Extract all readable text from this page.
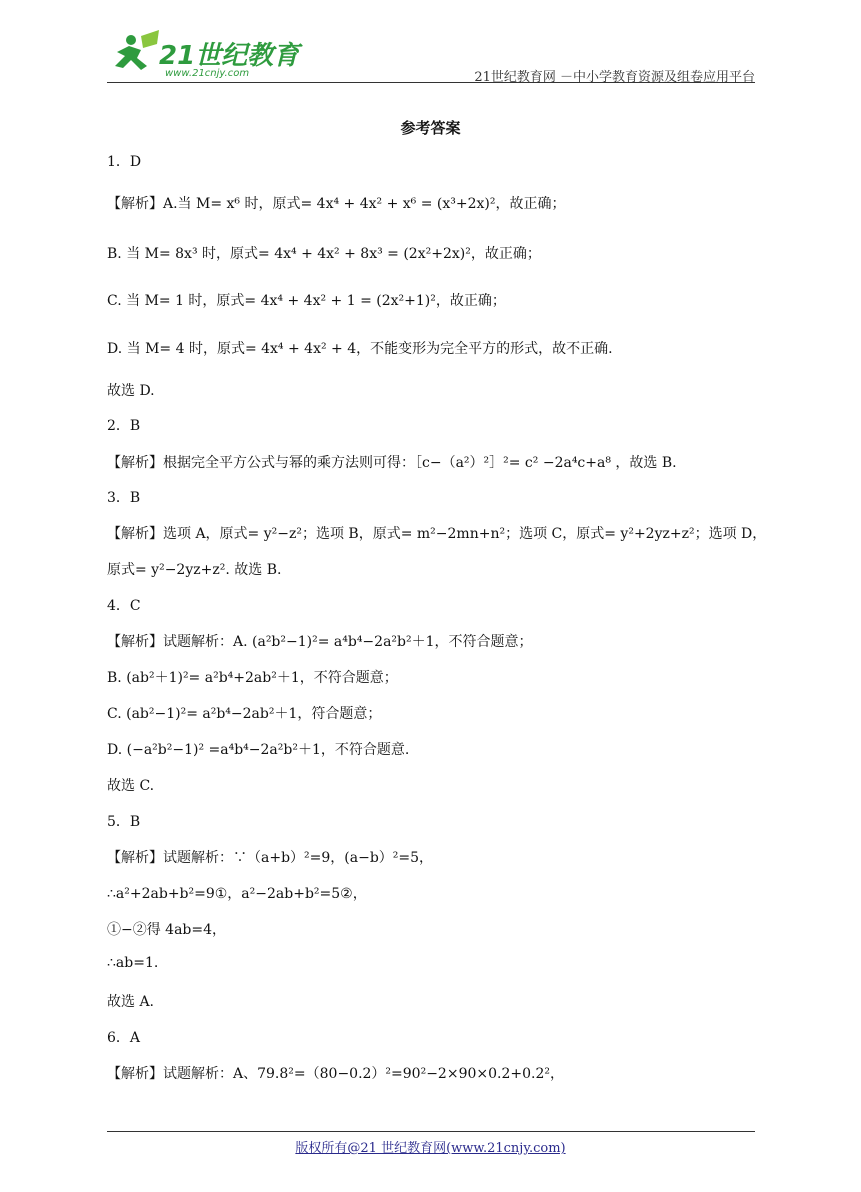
21世纪教育
www.21cnjy.com	21世纪教育网 －中小学教育资源及组卷应用平台
参考答案
1．D
【解析】A.当 M= x⁶ 时，原式= 4x⁴ + 4x² + x⁶ = (x³+2x)²，故正确；
B. 当 M= 8x³ 时，原式= 4x⁴ + 4x² + 8x³ = (2x²+2x)²，故正确；
C. 当 M= 1 时，原式= 4x⁴ + 4x² + 1 = (2x²+1)²，故正确；
D. 当 M= 4 时，原式= 4x⁴ + 4x² + 4，不能变形为完全平方的形式，故不正确.
故选 D.
2．B
【解析】根据完全平方公式与幂的乘方法则可得：［c−（a²）²］²= c² −2a⁴c+a⁸ ，故选 B.
3．B
【解析】选项 A，原式= y²−z²；选项 B，原式= m²−2mn+n²；选项 C，原式= y²+2yz+z²；选项 D，
原式= y²−2yz+z². 故选 B.
4．C
【解析】试题解析：A. (a²b²−1)²= a⁴b⁴−2a²b²＋1，不符合题意；
B. (ab²＋1)²= a²b⁴+2ab²＋1，不符合题意；
C. (ab²−1)²= a²b⁴−2ab²＋1，符合题意；
D. (−a²b²−1)² =a⁴b⁴−2a²b²＋1，不符合题意.
故选 C.
5．B
【解析】试题解析：∵（a+b）²=9，(a−b）²=5，
∴a²+2ab+b²=9①，a²−2ab+b²=5②，
①−②得 4ab=4，
∴ab=1.
故选 A.
6．A
【解析】试题解析：A、79.8²=（80−0.2）²=90²−2×90×0.2+0.2²，
版权所有@21 世纪教育网(www.21cnjy.com)
